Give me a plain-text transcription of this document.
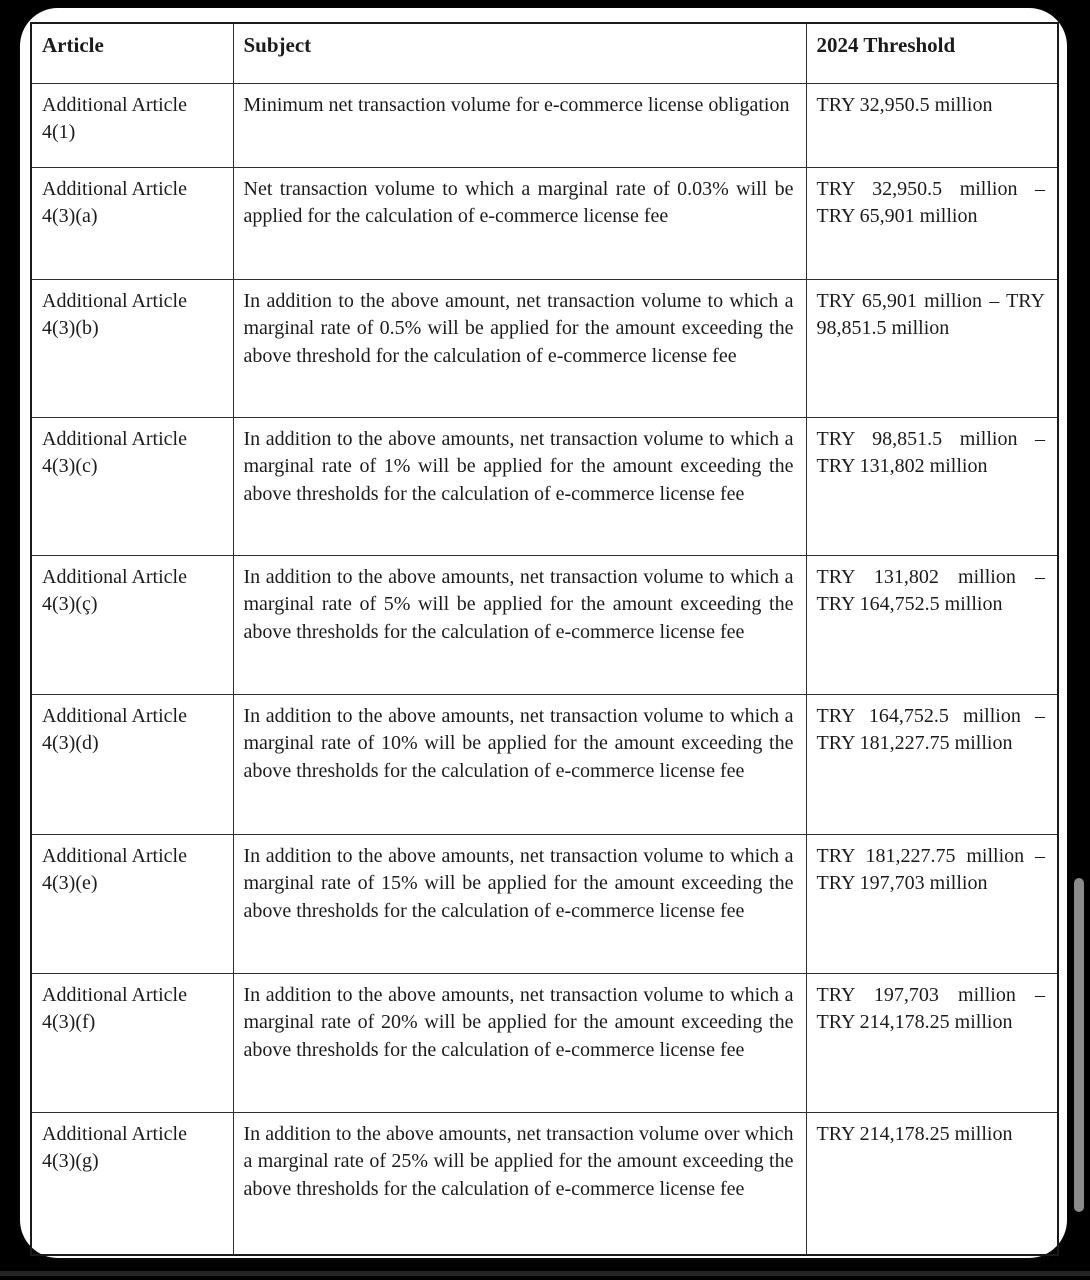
Article	Subject	2024 Threshold
Additional Article 4(1)	Minimum net transaction volume for e-commerce license obligation	TRY 32,950.5 million
Additional Article 4(3)(a)	Net transaction volume to which a marginal rate of 0.03% will be applied for the calculation of e-commerce license fee	TRY 32,950.5 million – TRY 65,901 million
Additional Article 4(3)(b)	In addition to the above amount, net transaction volume to which a marginal rate of 0.5% will be applied for the amount exceeding the above threshold for the calculation of e-commerce license fee	TRY 65,901 million – TRY 98,851.5 million
Additional Article 4(3)(c)	In addition to the above amounts, net transaction volume to which a marginal rate of 1% will be applied for the amount exceeding the above thresholds for the calculation of e-commerce license fee	TRY 98,851.5 million – TRY 131,802 million
Additional Article 4(3)(ç)	In addition to the above amounts, net transaction volume to which a marginal rate of 5% will be applied for the amount exceeding the above thresholds for the calculation of e-commerce license fee	TRY 131,802 million – TRY 164,752.5 million
Additional Article 4(3)(d)	In addition to the above amounts, net transaction volume to which a marginal rate of 10% will be applied for the amount exceeding the above thresholds for the calculation of e-commerce license fee	TRY 164,752.5 million – TRY 181,227.75 million
Additional Article 4(3)(e)	In addition to the above amounts, net transaction volume to which a marginal rate of 15% will be applied for the amount exceeding the above thresholds for the calculation of e-commerce license fee	TRY 181,227.75 million – TRY 197,703 million
Additional Article 4(3)(f)	In addition to the above amounts, net transaction volume to which a marginal rate of 20% will be applied for the amount exceeding the above thresholds for the calculation of e-commerce license fee	TRY 197,703 million – TRY 214,178.25 million
Additional Article 4(3)(g)	In addition to the above amounts, net transaction volume over which a marginal rate of 25% will be applied for the amount exceeding the above thresholds for the calculation of e-commerce license fee	TRY 214,178.25 million
